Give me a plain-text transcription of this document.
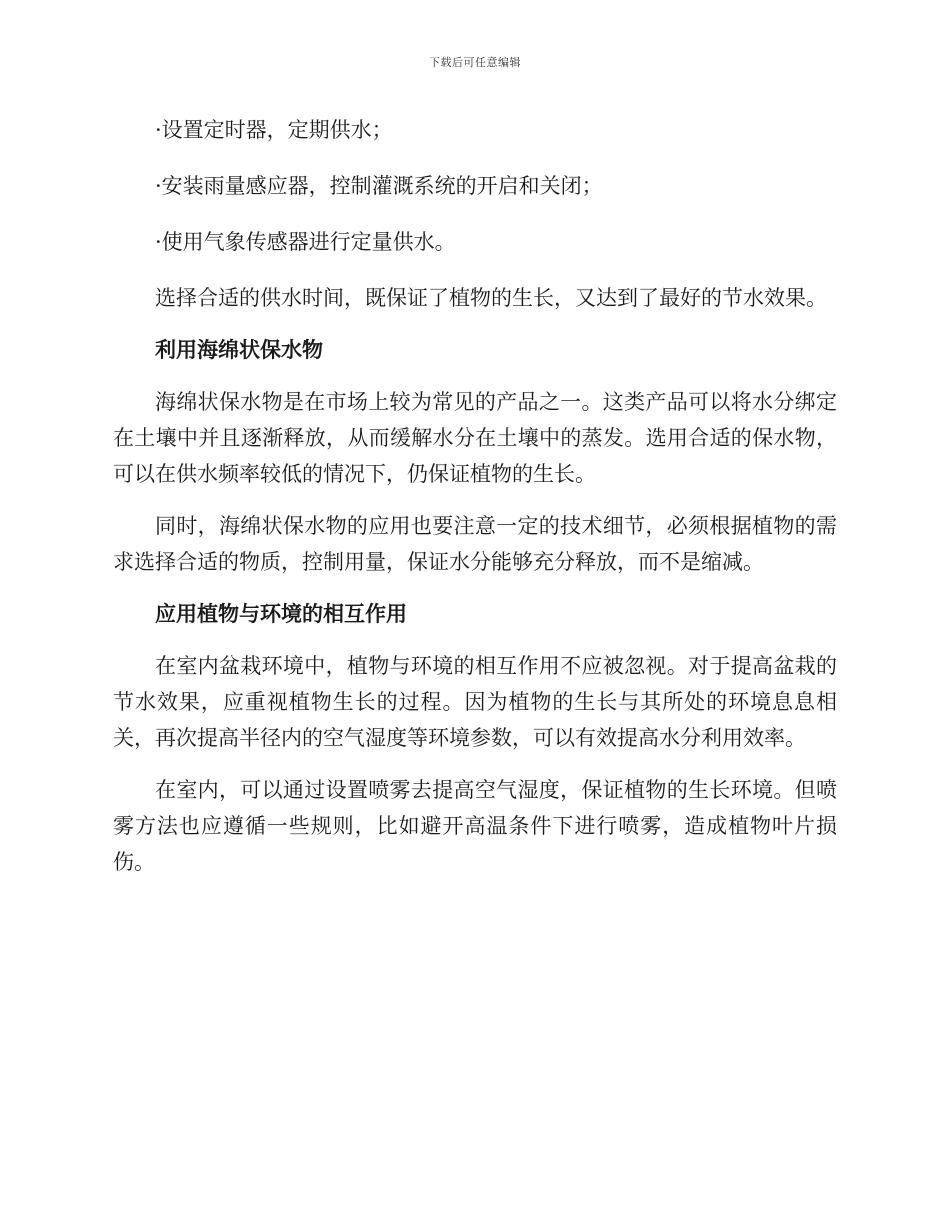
下载后可任意编辑

·设置定时器，定期供水；

·安装雨量感应器，控制灌溉系统的开启和关闭；

·使用气象传感器进行定量供水。

选择合适的供水时间，既保证了植物的生长，又达到了最好的节水效果。

利用海绵状保水物

海绵状保水物是在市场上较为常见的产品之一。这类产品可以将水分绑定在土壤中并且逐渐释放，从而缓解水分在土壤中的蒸发。选用合适的保水物，可以在供水频率较低的情况下，仍保证植物的生长。

同时，海绵状保水物的应用也要注意一定的技术细节，必须根据植物的需求选择合适的物质，控制用量，保证水分能够充分释放，而不是缩减。

应用植物与环境的相互作用

在室内盆栽环境中，植物与环境的相互作用不应被忽视。对于提高盆栽的节水效果，应重视植物生长的过程。因为植物的生长与其所处的环境息息相关，再次提高半径内的空气湿度等环境参数，可以有效提高水分利用效率。

在室内，可以通过设置喷雾去提高空气湿度，保证植物的生长环境。但喷雾方法也应遵循一些规则，比如避开高温条件下进行喷雾，造成植物叶片损伤。
